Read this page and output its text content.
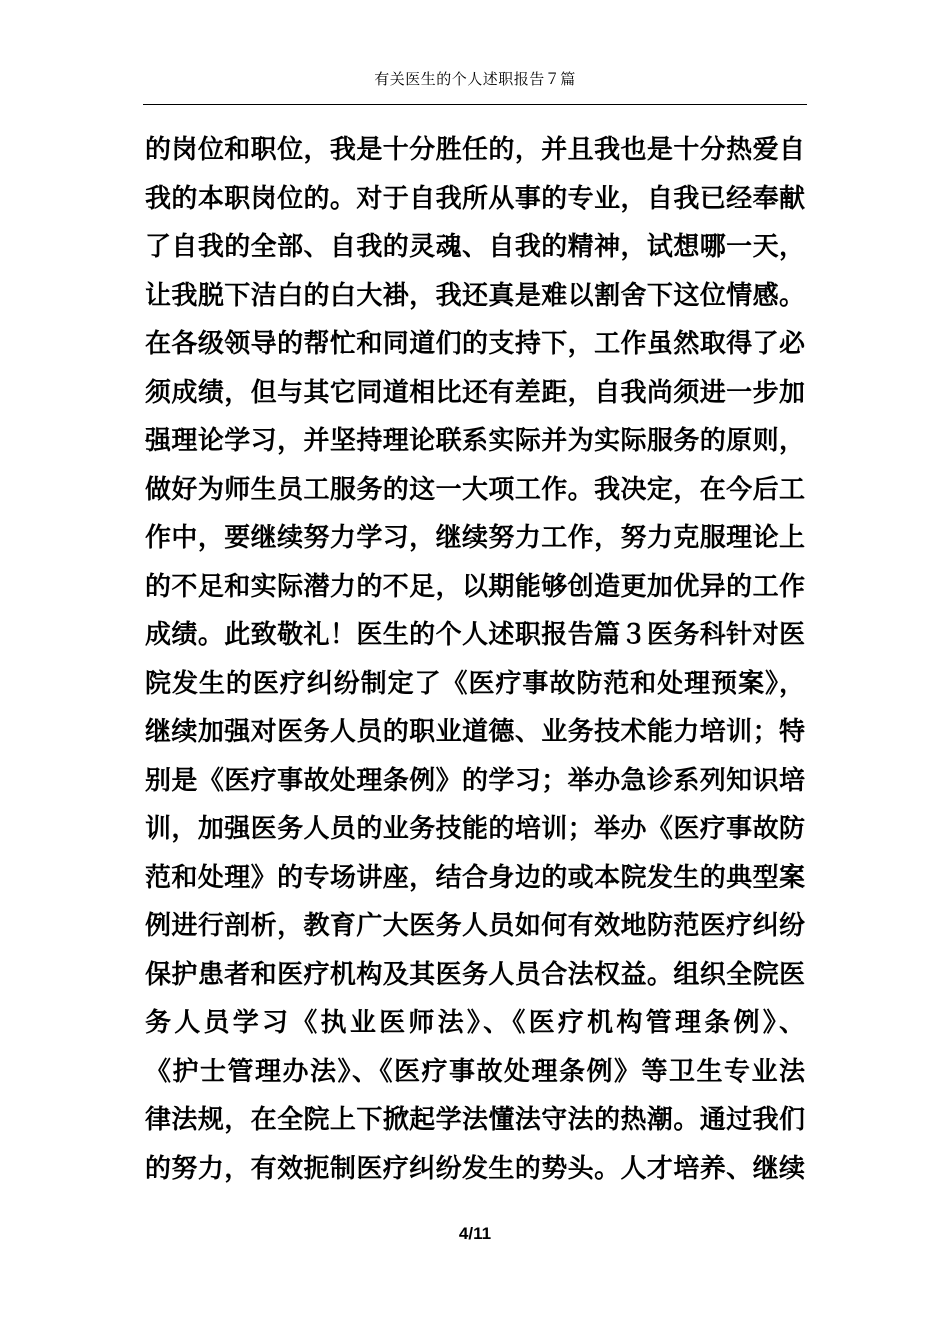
有关医生的个人述职报告７篇
的岗位和职位，我是十分胜任的，并且我也是十分热爱自
我的本职岗位的。对于自我所从事的专业，自我已经奉献
了自我的全部、自我的灵魂、自我的精神，试想哪一天，
让我脱下洁白的白大褂，我还真是难以割舍下这位情感。
在各级领导的帮忙和同道们的支持下，工作虽然取得了必
须成绩，但与其它同道相比还有差距，自我尚须进一步加
强理论学习，并坚持理论联系实际并为实际服务的原则，
做好为师生员工服务的这一大项工作。我决定，在今后工
作中，要继续努力学习，继续努力工作，努力克服理论上
的不足和实际潜力的不足，以期能够创造更加优异的工作
成绩。此致敬礼！医生的个人述职报告篇３医务科针对医
院发生的医疗纠纷制定了《医疗事故防范和处理预案》，
继续加强对医务人员的职业道德、业务技术能力培训；特
别是《医疗事故处理条例》的学习；举办急诊系列知识培
训，加强医务人员的业务技能的培训；举办《医疗事故防
范和处理》的专场讲座，结合身边的或本院发生的典型案
例进行剖析，教育广大医务人员如何有效地防范医疗纠纷
保护患者和医疗机构及其医务人员合法权益。组织全院医
务人员学习《执业医师法》、《医疗机构管理条例》、
《护士管理办法》、《医疗事故处理条例》等卫生专业法
律法规，在全院上下掀起学法懂法守法的热潮。通过我们
的努力，有效扼制医疗纠纷发生的势头。人才培养、继续
4/11
